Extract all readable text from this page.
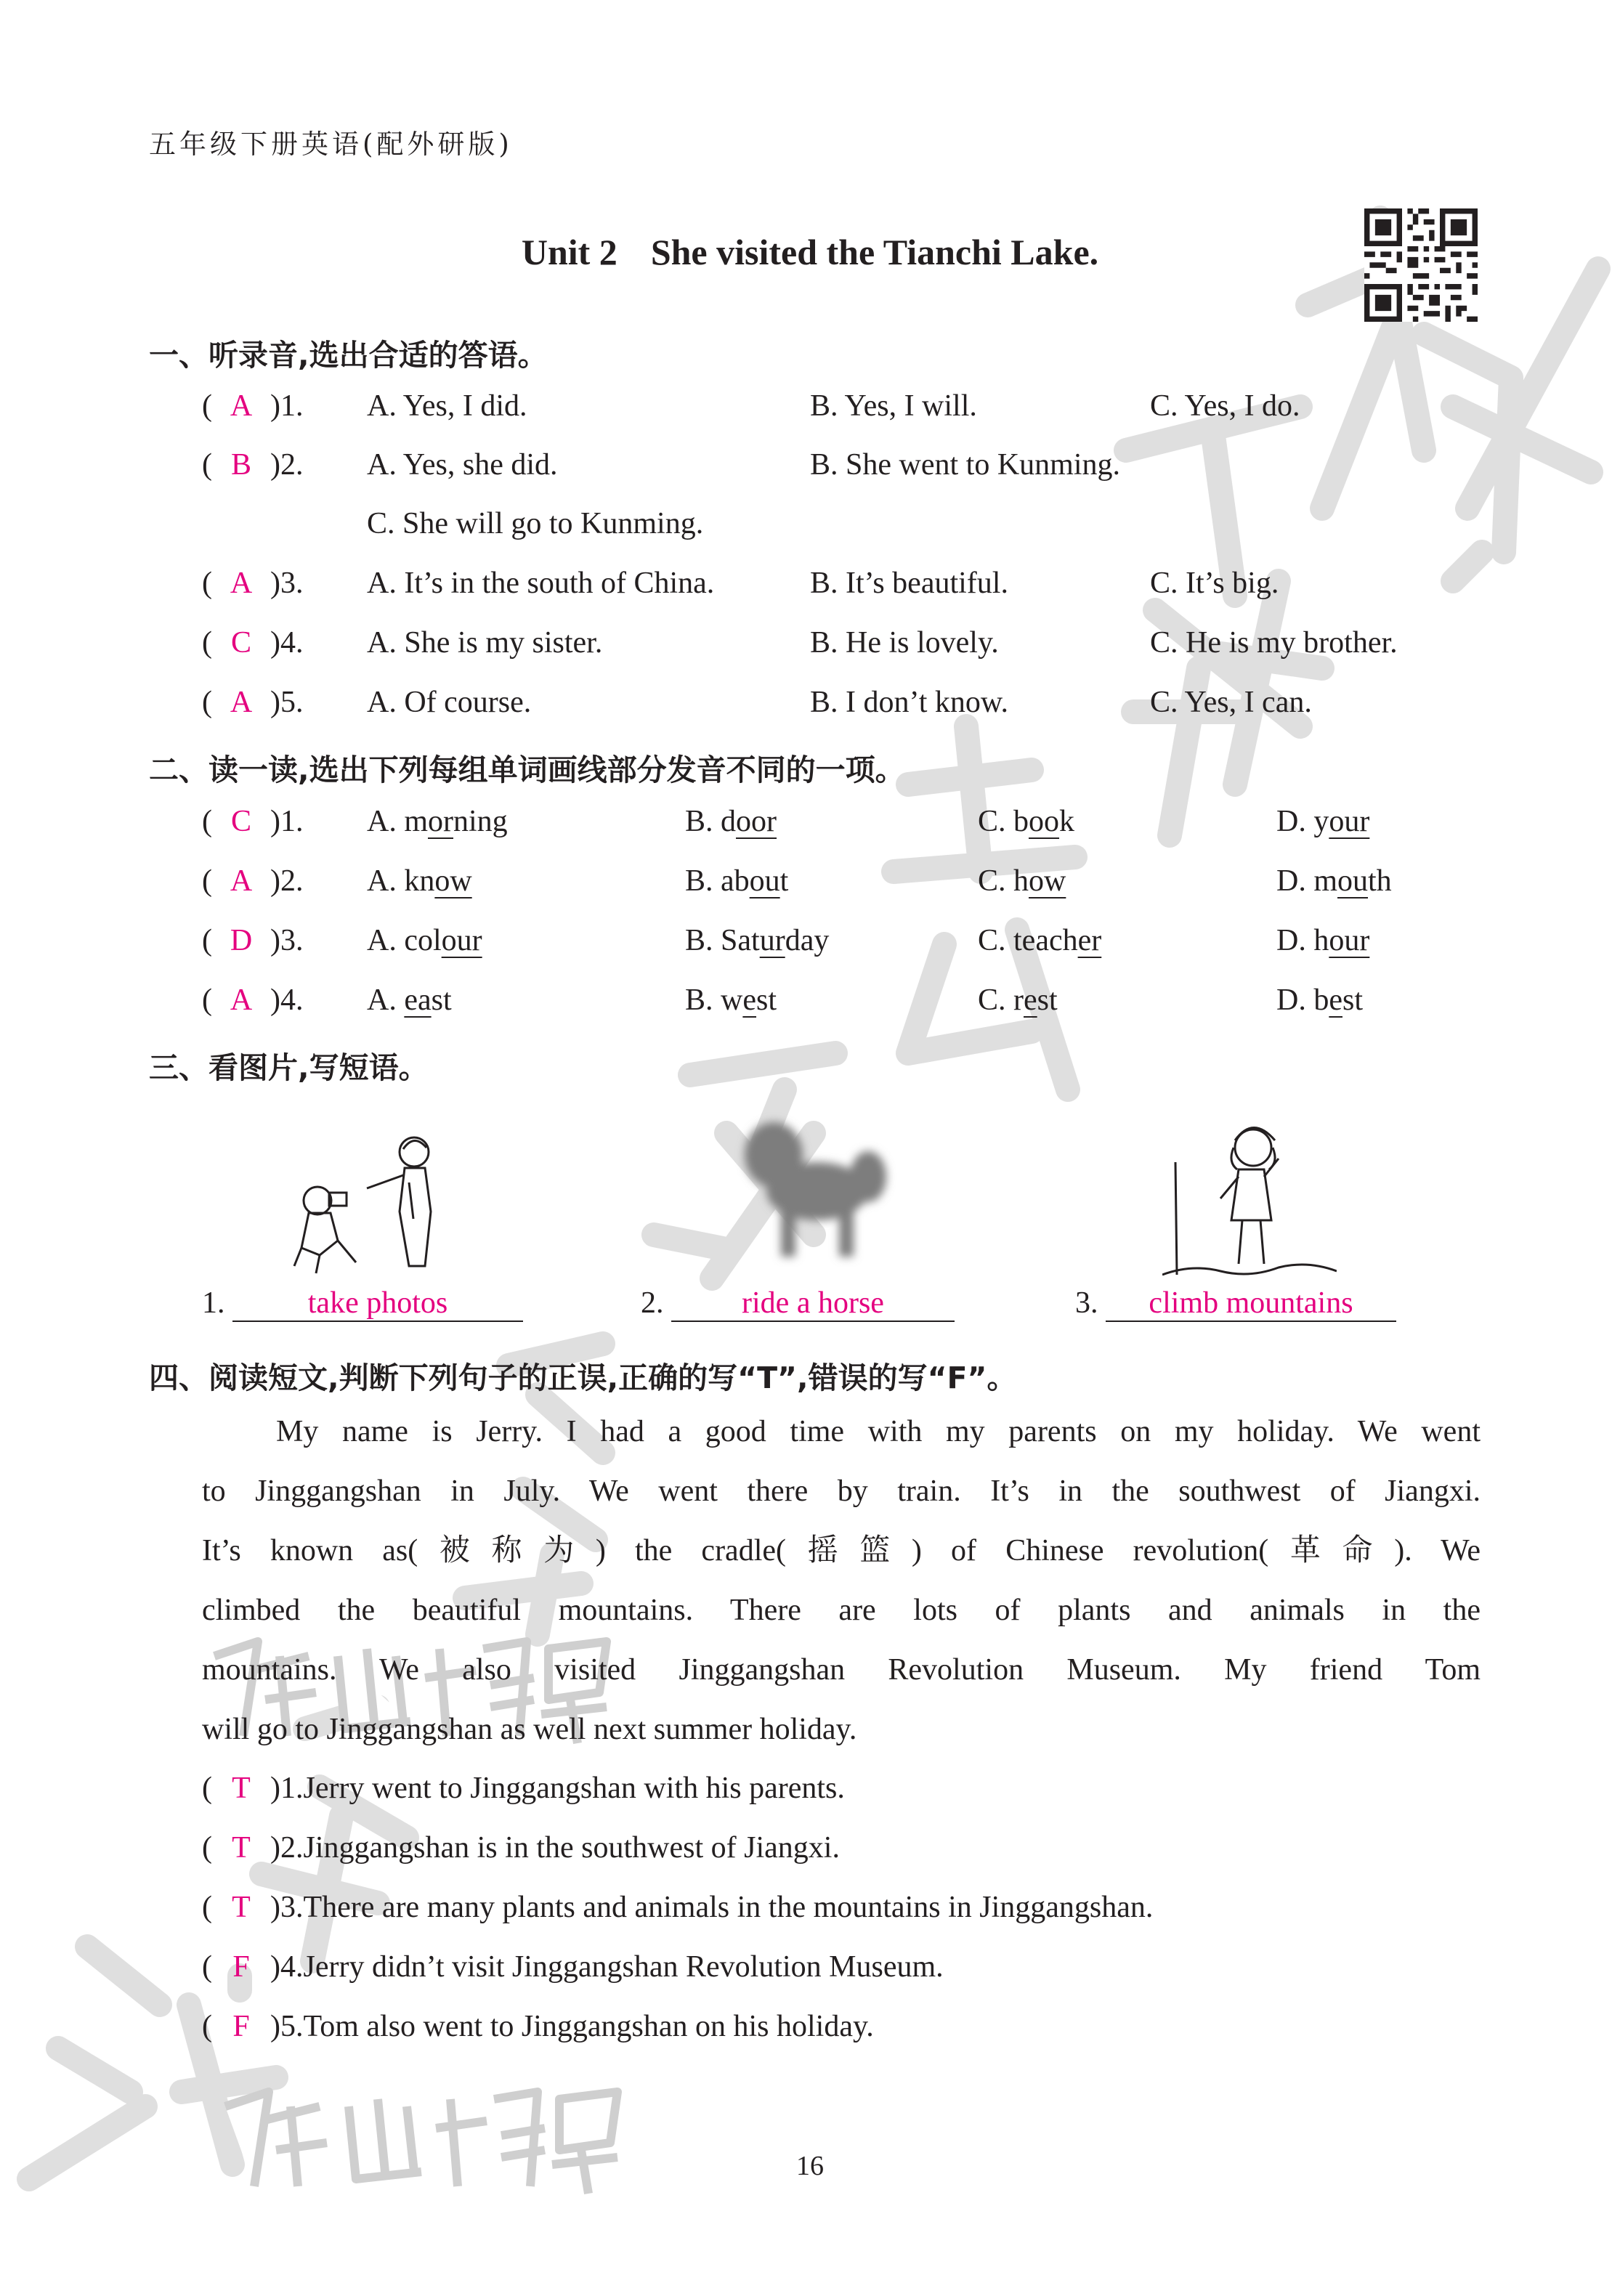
五年级下册英语(配外研版)
Unit 2 She visited the Tianchi Lake.
一、听录音,选出合适的答语。
( A )1. A. Yes, I did.	B. Yes, I will.	C. Yes, I do.
( B )2. A. Yes, she did.	B. She went to Kunming.
C. She will go to Kunming.
( A )3. A. It’s in the south of China.	B. It’s beautiful.	C. It’s big.
( C )4. A. She is my sister.	B. He is lovely.	C. He is my brother.
( A )5. A. Of course.	B. I don’t know.	C. Yes, I can.
二、读一读,选出下列每组单词画线部分发音不同的一项。
( C )1. A. morning	B. door	C. book	D. your
( A )2. A. know	B. about	C. how	D. mouth
( D )3. A. colour	B. Saturday	C. teacher	D. hour
( A )4. A. east	B. west	C. rest	D. best
三、看图片,写短语。
1.	take photos	2.	ride a horse	3. climb mountains
四、阅读短文,判断下列句子的正误,正确的写“T”,错误的写“F”。
My name is Jerry. I had a good time with my parents on my holiday. We went
to Jinggangshan in July. We went there by train. It’s in the southwest of Jiangxi.
It’s known as(被称为) the cradle(摇篮) of Chinese revolution(革命). We
climbed the beautiful mountains. There are lots of plants and animals in the
mountains. We also visited Jinggangshan Revolution Museum. My friend Tom
will go to Jinggangshan as well next summer holiday.
( T )1.Jerry went to Jinggangshan with his parents.
( T )2.Jinggangshan is in the southwest of Jiangxi.
( T )3.There are many plants and animals in the mountains in Jinggangshan.
( F )4.Jerry didn’t visit Jinggangshan Revolution Museum.
( F )5.Tom also went to Jinggangshan on his holiday.
16
